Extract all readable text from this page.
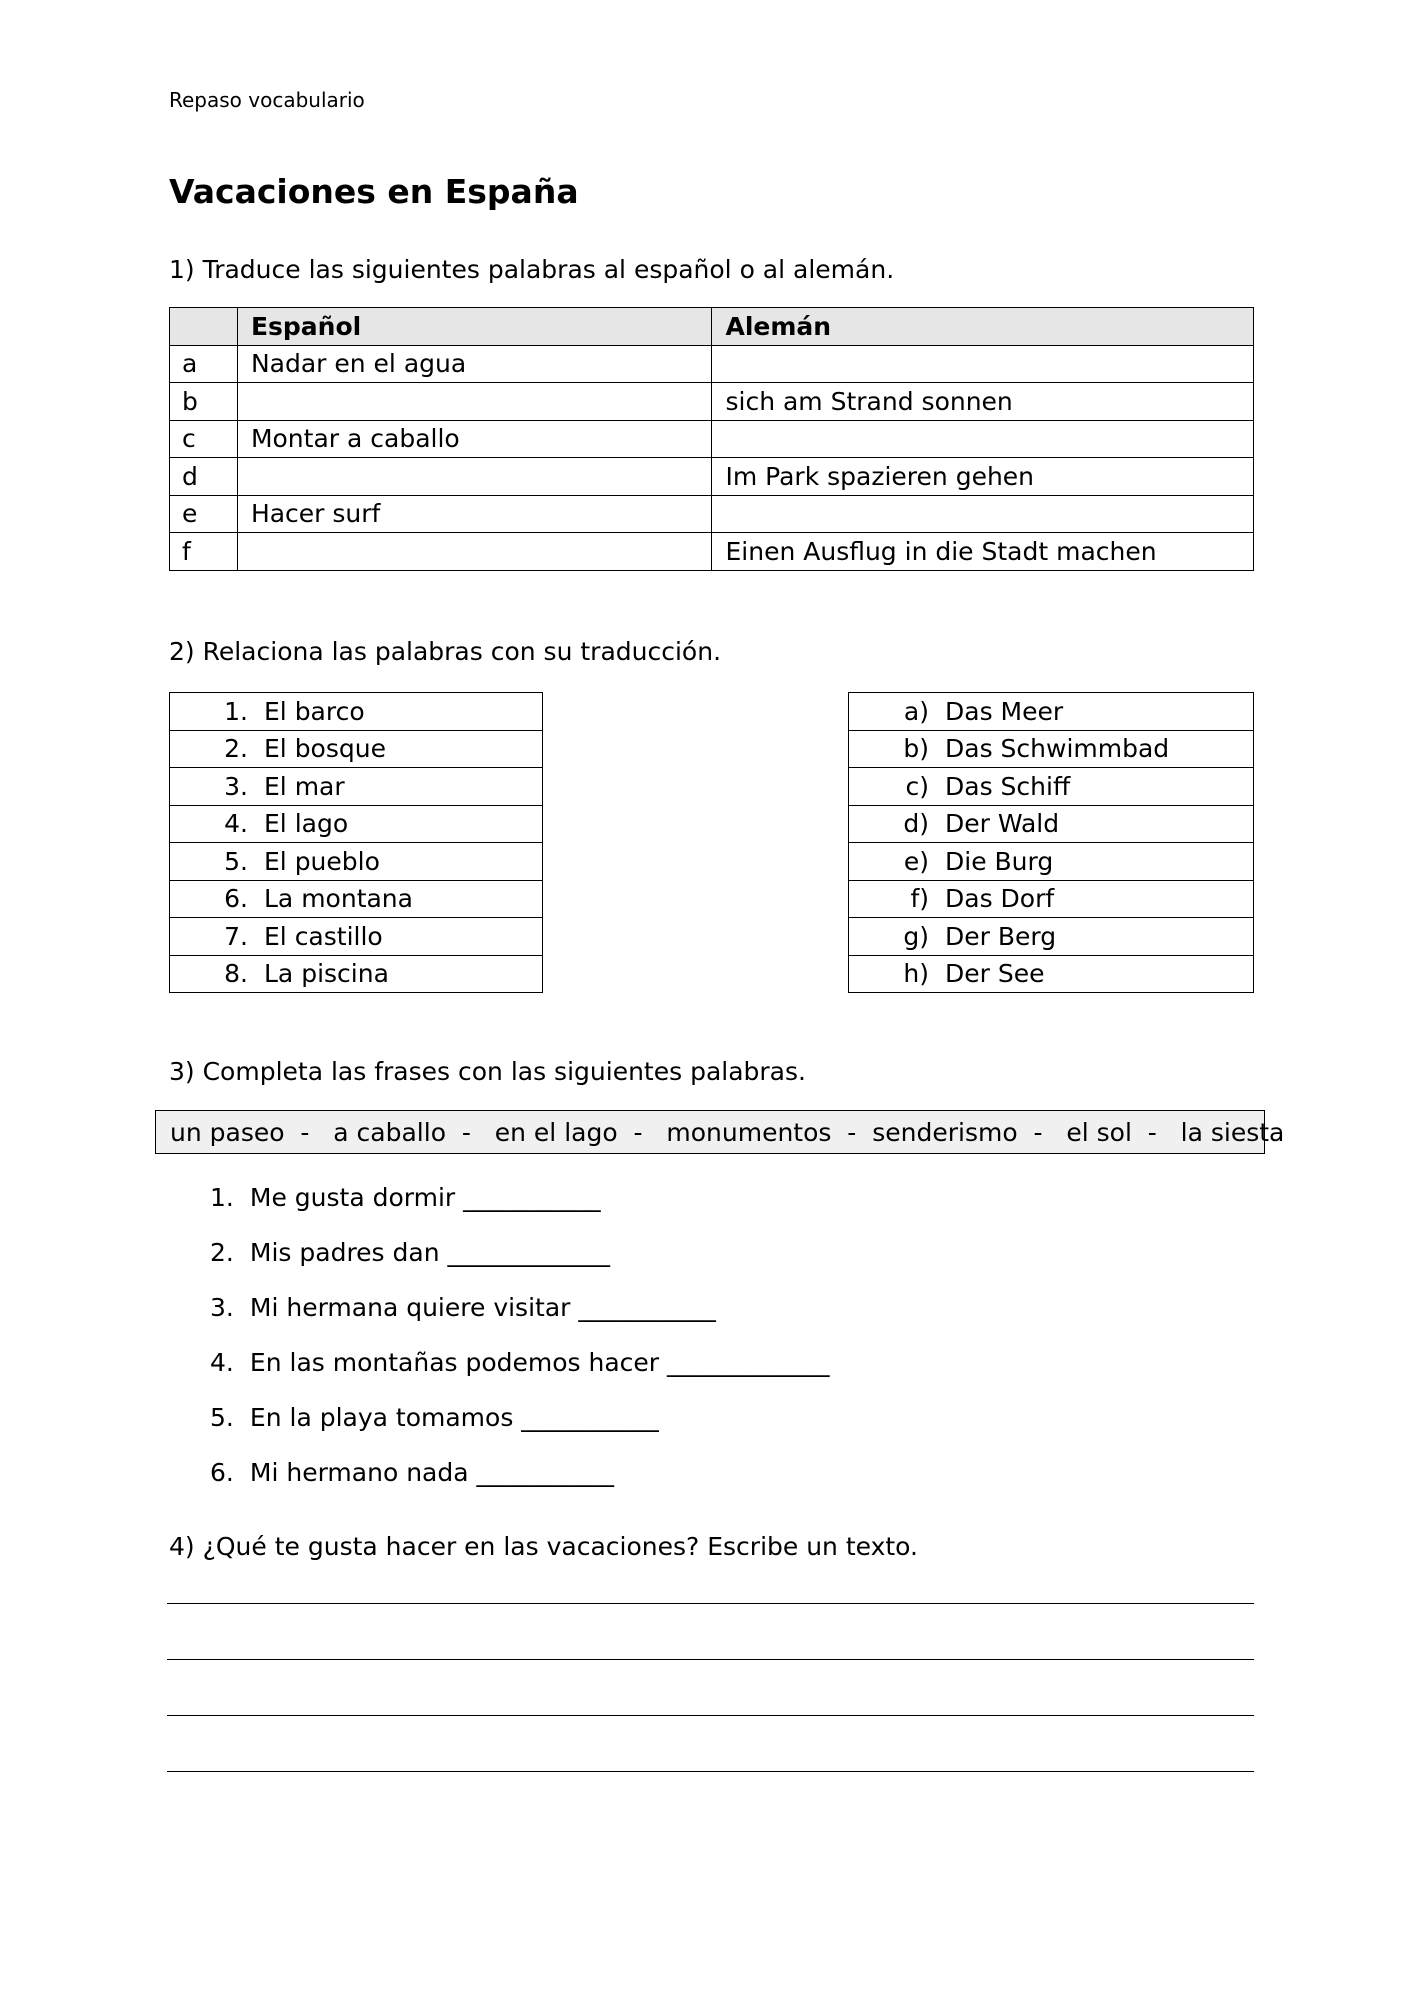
Repaso vocabulario
Vacaciones en España
1) Traduce las siguientes palabras al español o al alemán.
	Español	Alemán
a	Nadar en el agua	
b		sich am Strand sonnen
c	Montar a caballo	
d		Im Park spazieren gehen
e	Hacer surf	
f		Einen Ausflug in die Stadt machen
2) Relaciona las palabras con su traducción.
1. El barco
2. El bosque
3. El mar
4. El lago
5. El pueblo
6. La montana
7. El castillo
8. La piscina
a) Das Meer
b) Das Schwimmbad
c) Das Schiff
d) Der Wald
e) Die Burg
f) Das Dorf
g) Der Berg
h) Der See
3) Completa las frases con las siguientes palabras.
un paseo  -   a caballo  -   en el lago  -   monumentos  -  senderismo  -   el sol  -   la siesta
1. Me gusta dormir ___________
2. Mis padres dan _____________
3. Mi hermana quiere visitar ___________
4. En las montañas podemos hacer _____________
5. En la playa tomamos ___________
6. Mi hermano nada ___________
4) ¿Qué te gusta hacer en las vacaciones? Escribe un texto.
